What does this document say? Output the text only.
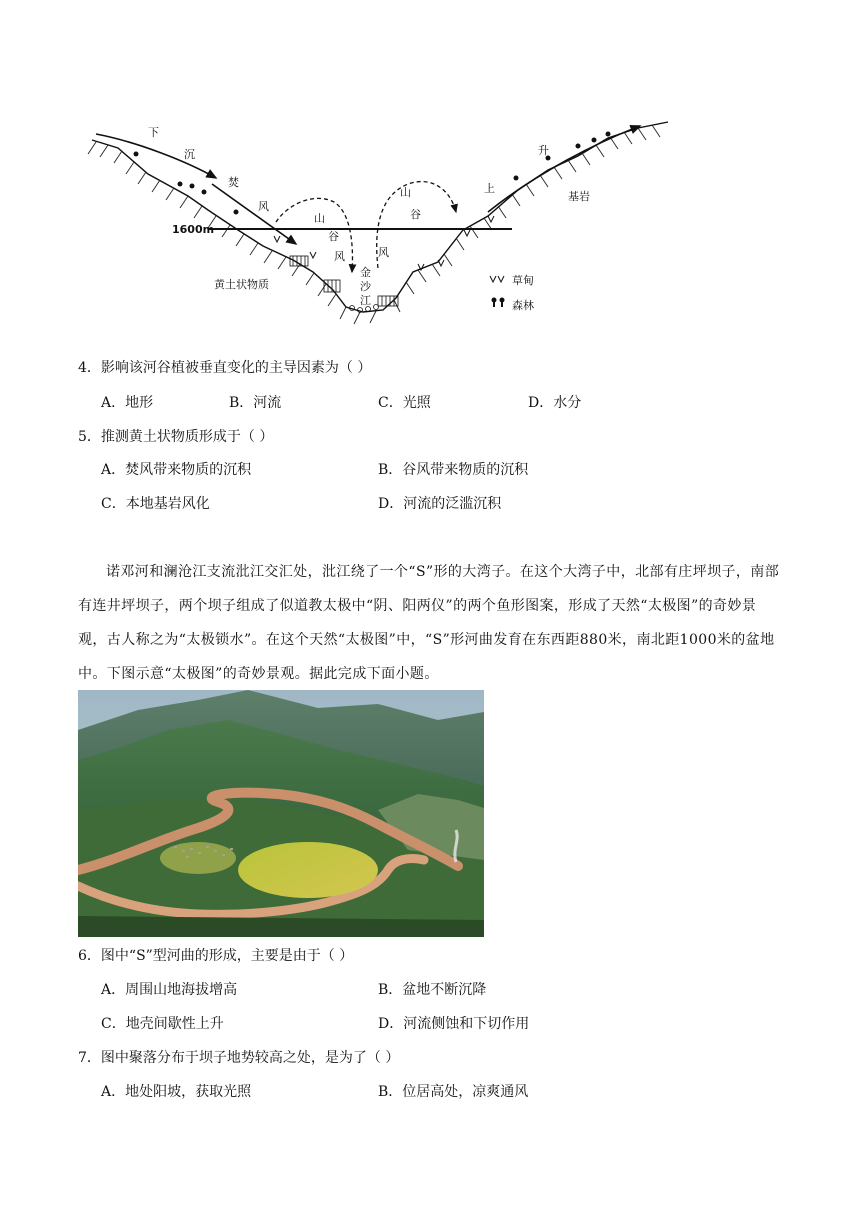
下
沉
焚
风
山
谷
风
山
谷
风
上
升
基岩
1600m
黄土状物质
金
沙
江
草甸
森林
4．影响该河谷植被垂直变化的主导因素为（ ）
A．地形	B．河流	C．光照	D．水分
5．推测黄土状物质形成于（ ）
A．焚风带来物质的沉积	B．谷风带来物质的沉积
C．本地基岩风化	D．河流的泛滥沉积
诺邓河和澜沧江支流沘江交汇处，沘江绕了一个“S”形的大湾子。在这个大湾子中，北部有庄坪坝子，南部有连井坪坝子，两个坝子组成了似道教太极中“阴、阳两仪”的两个鱼形图案，形成了天然“太极图”的奇妙景观，古人称之为“太极锁水”。在这个天然“太极图”中，“S”形河曲发育在东西距880米，南北距1000米的盆地中。下图示意“太极图”的奇妙景观。据此完成下面小题。
6．图中“S”型河曲的形成，主要是由于（ ）
A．周围山地海拔增高	B．盆地不断沉降
C．地壳间歇性上升	D．河流侧蚀和下切作用
7．图中聚落分布于坝子地势较高之处，是为了（ ）
A．地处阳坡，获取光照	B．位居高处，凉爽通风
